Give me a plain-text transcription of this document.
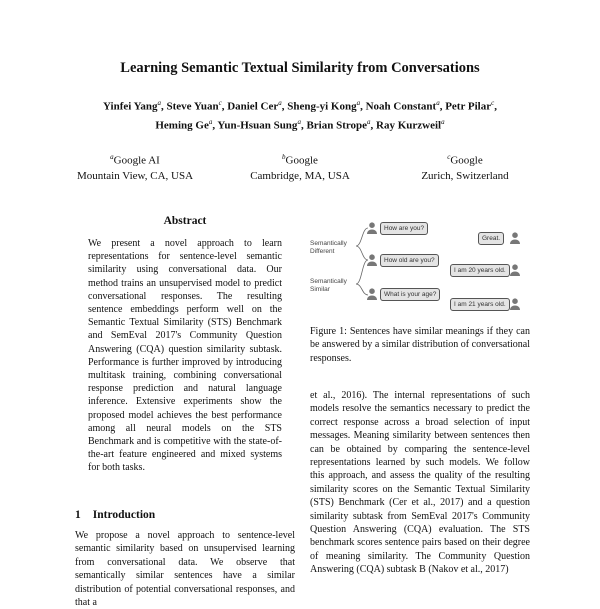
Learning Semantic Textual Similarity from Conversations
Yinfei Yang$^a$, Steve Yuan$^c$, Daniel Cer$^a$, Sheng-yi Kong$^a$, Noah Constant$^a$, Petr Pilar$^c$,
Heming Ge$^a$, Yun-Hsuan Sung$^a$, Brian Strope$^a$, Ray Kurzweil$^a$
$^a$Google AI
Mountain View, CA, USA
$^b$Google
Cambridge, MA, USA
$^c$Google
Zurich, Switzerland
Abstract
We present a novel approach to learn representations for sentence-level semantic similarity using conversational data. Our method trains an unsupervised model to predict conversational responses. The resulting sentence embeddings perform well on the Semantic Textual Similarity (STS) Benchmark and SemEval 2017's Community Question Answering (CQA) question similarity subtask. Performance is further improved by introducing multitask training, combining conversational response prediction and natural language inference. Extensive experiments show the proposed model achieves the best performance among all neural models on the STS Benchmark and is competitive with the state-of-the-art feature engineered and mixed systems for both tasks.
1 Introduction
We propose a novel approach to sentence-level semantic similarity based on unsupervised learning from conversational data. We observe that semantically similar sentences have a similar distribution of potential conversational responses, and that a
Semantically Different
Semantically Similar
How are you?
Great.
How old are you?
I am 20 years old.
What is your age?
I am 21 years old.
Figure 1: Sentences have similar meanings if they can be answered by a similar distribution of conversational responses.
et al., 2016). The internal representations of such models resolve the semantics necessary to predict the correct response across a broad selection of input messages. Meaning similarity between sentences then can be obtained by comparing the sentence-level representations learned by such models. We follow this approach, and assess the quality of the resulting similarity scores on the Semantic Textual Similarity (STS) Benchmark (Cer et al., 2017) and a question similarity subtask from SemEval 2017's Community Question Answering (CQA) evaluation. The STS benchmark scores sentence pairs based on their degree of meaning similarity. The Community Question Answering (CQA) subtask B (Nakov et al., 2017)
